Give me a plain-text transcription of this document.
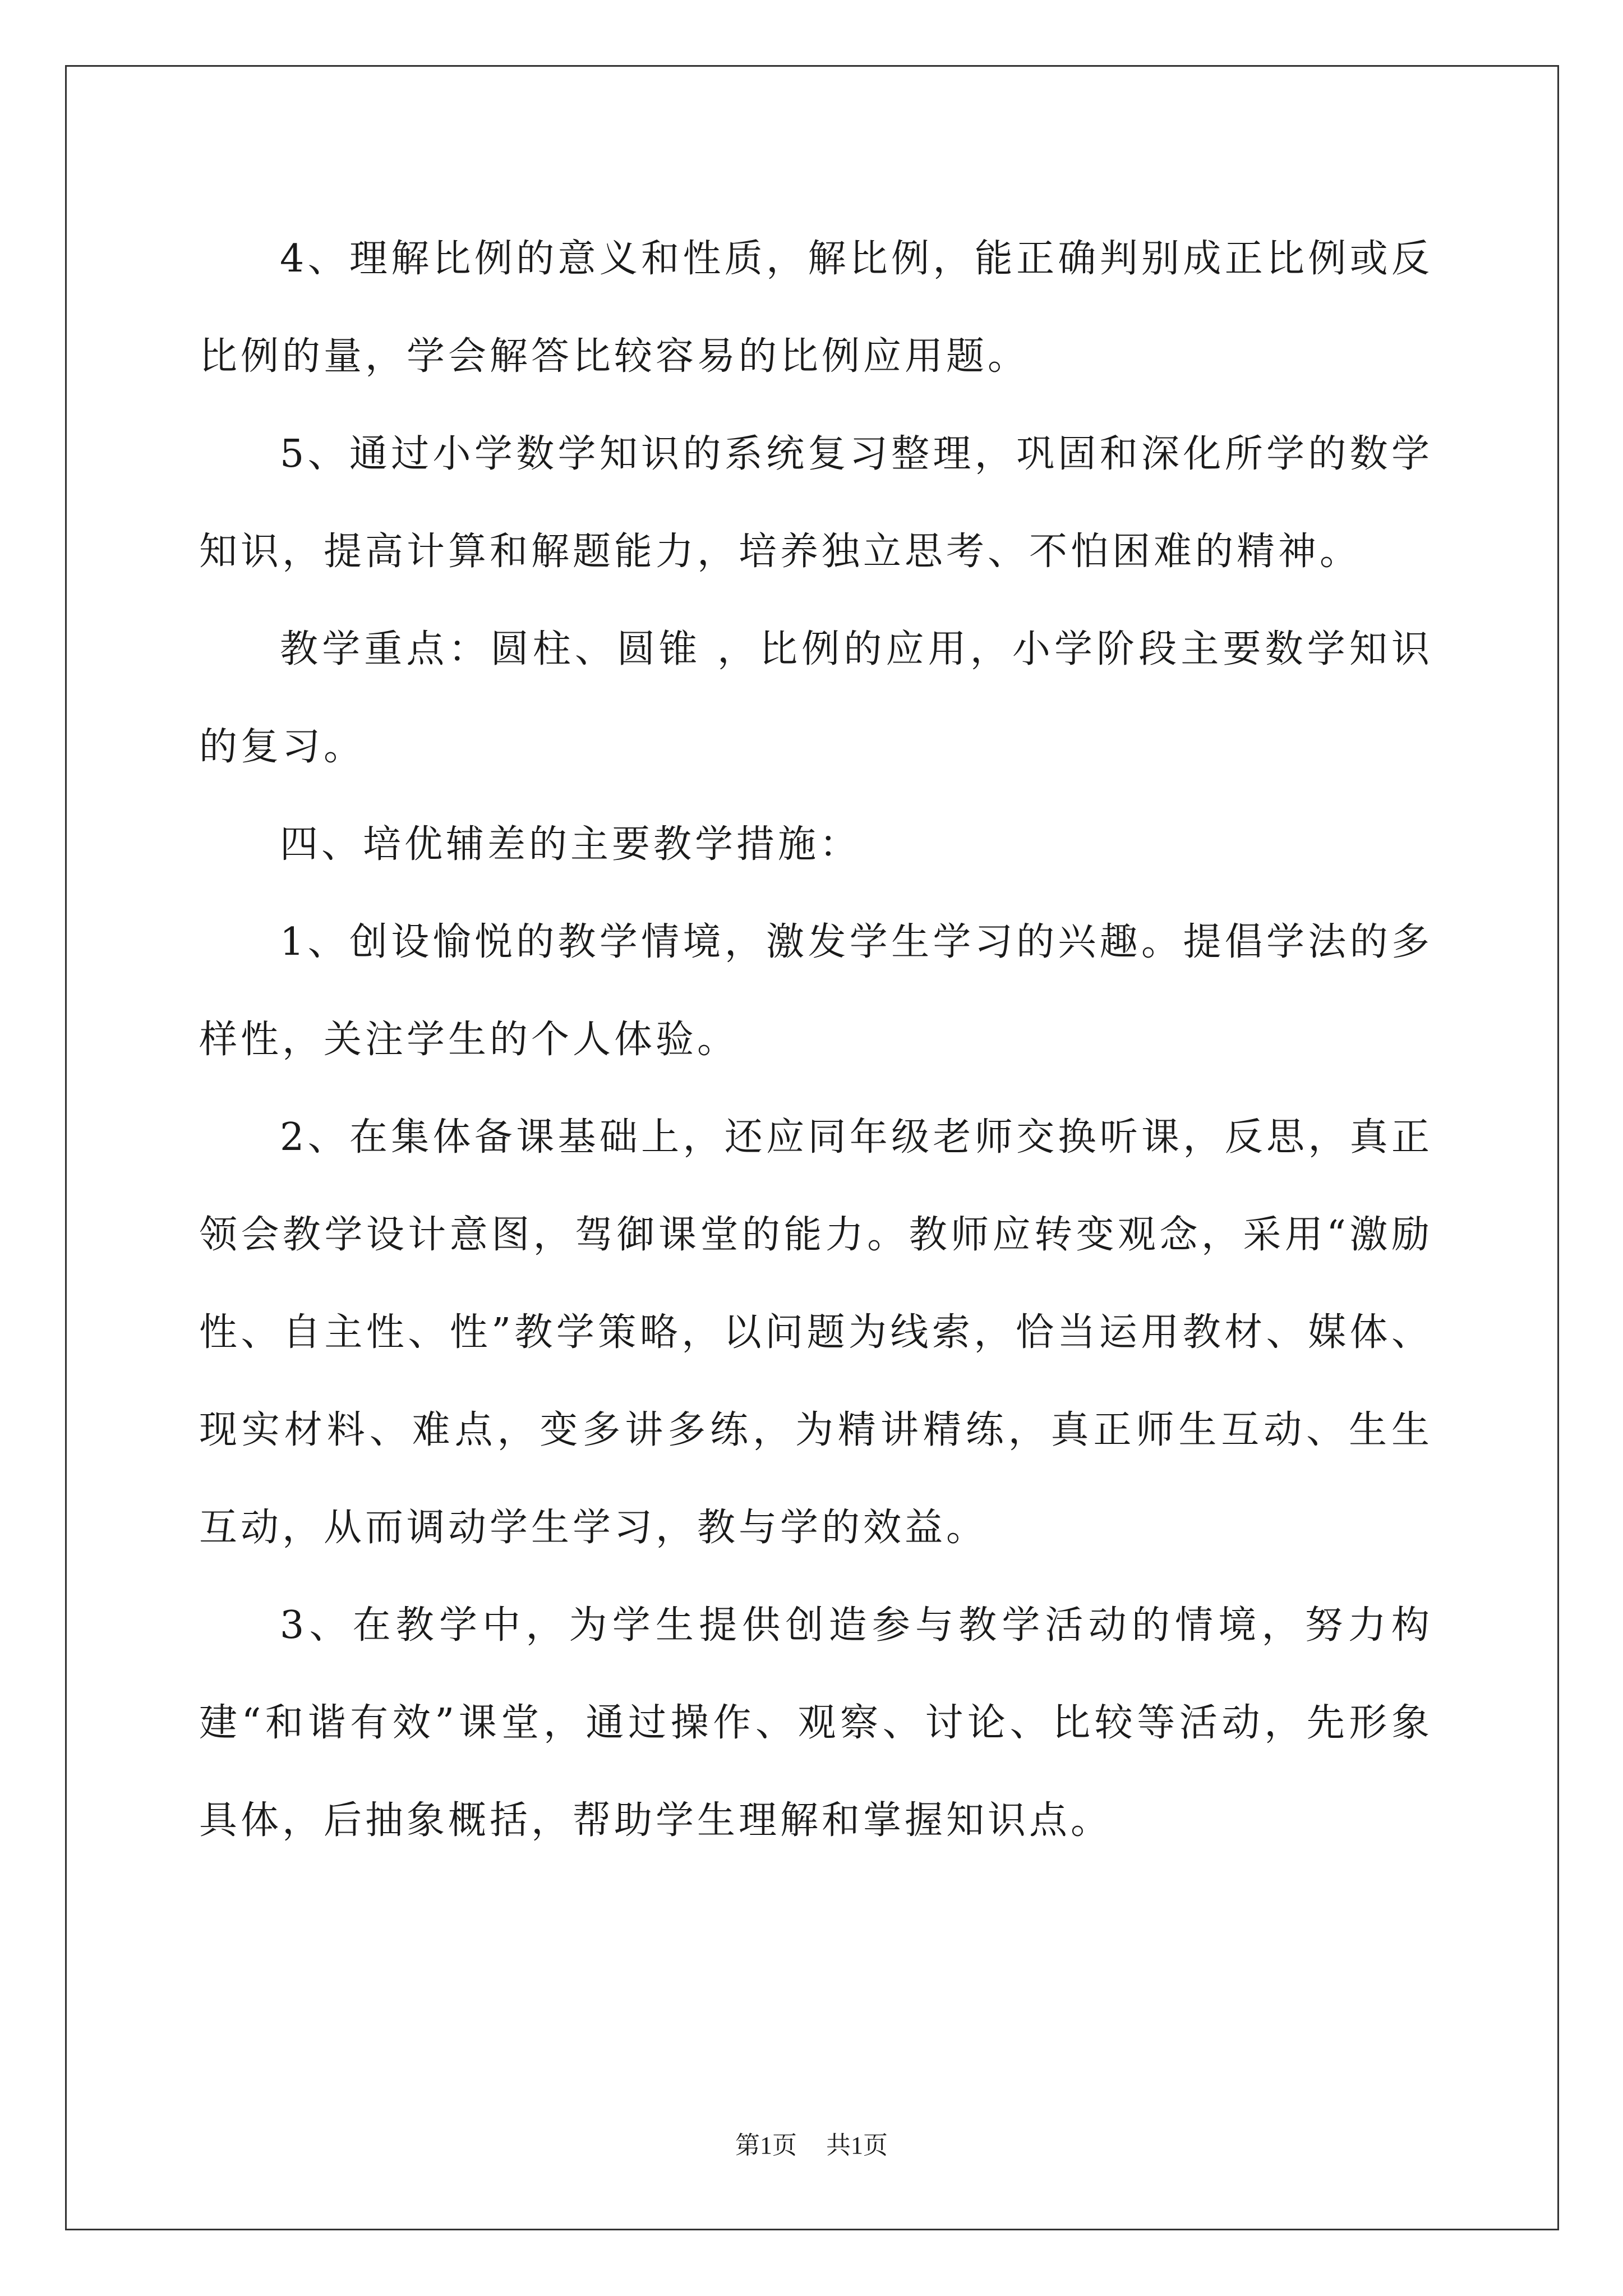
4、理解比例的意义和性质，解比例，能正确判别成正比例或反比例的量，学会解答比较容易的比例应用题。

5、通过小学数学知识的系统复习整理，巩固和深化所学的数学知识，提高计算和解题能力，培养独立思考、不怕困难的精神。

教学重点：圆柱、圆锥 ，比例的应用，小学阶段主要数学知识的复习。

四、培优辅差的主要教学措施：

1、创设愉悦的教学情境，激发学生学习的兴趣。提倡学法的多样性，关注学生的个人体验。

2、在集体备课基础上，还应同年级老师交换听课，反思，真正领会教学设计意图，驾御课堂的能力。教师应转变观念，采用“激励性、自主性、性”教学策略，以问题为线索，恰当运用教材、媒体、现实材料、难点，变多讲多练，为精讲精练，真正师生互动、生生互动，从而调动学生学习，教与学的效益。

3、在教学中，为学生提供创造参与教学活动的情境，努力构建“和谐有效”课堂，通过操作、观察、讨论、比较等活动，先形象具体，后抽象概括，帮助学生理解和掌握知识点。

第1页 共1页
